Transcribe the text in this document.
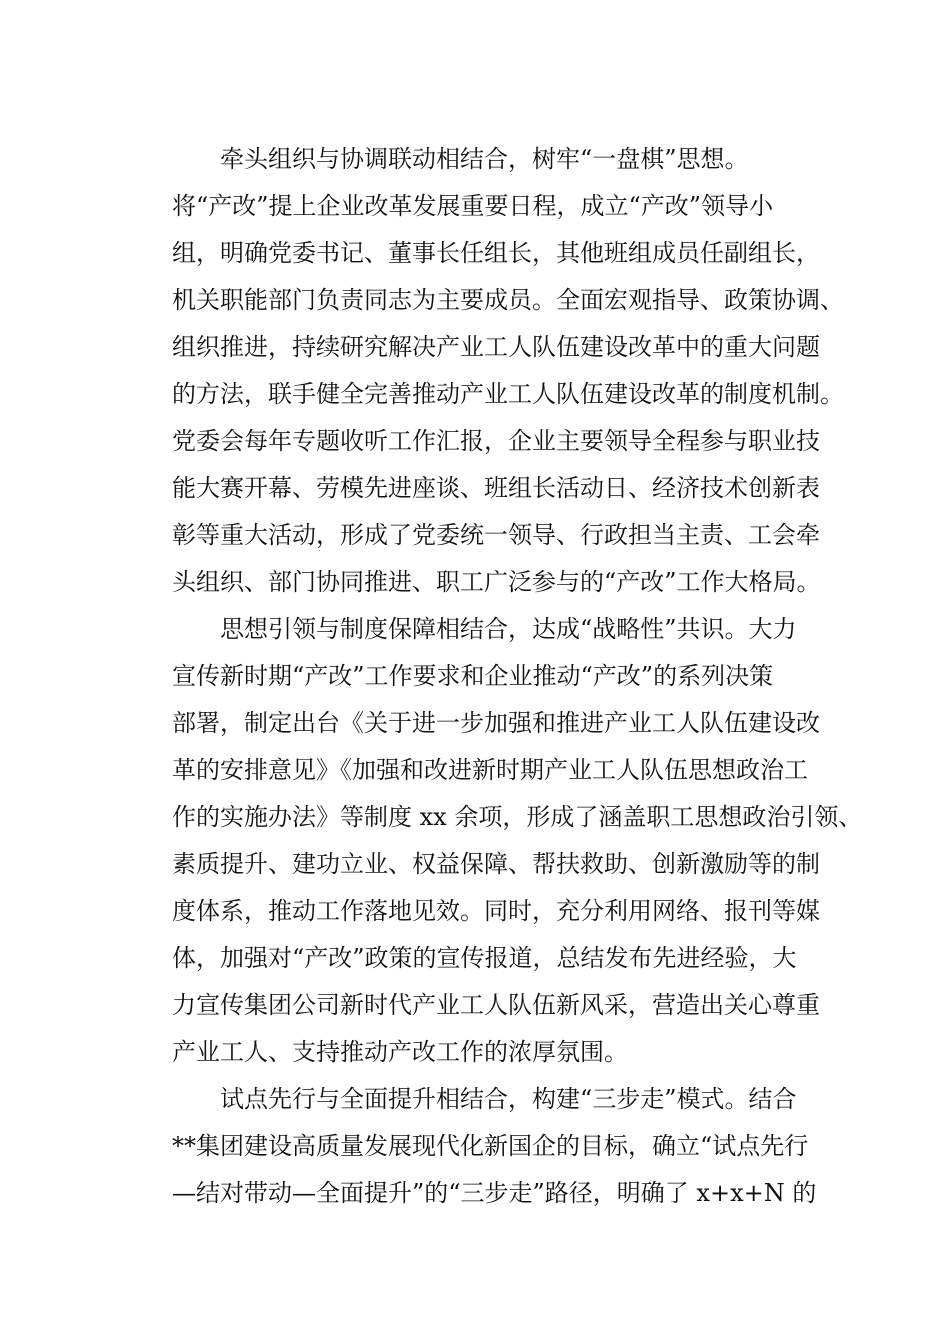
牵头组织与协调联动相结合，树牢“一盘棋”思想。
将“产改”提上企业改革发展重要日程，成立“产改”领导小
组，明确党委书记、董事长任组长，其他班组成员任副组长，
机关职能部门负责同志为主要成员。全面宏观指导、政策协调、
组织推进，持续研究解决产业工人队伍建设改革中的重大问题
的方法，联手健全完善推动产业工人队伍建设改革的制度机制。
党委会每年专题收听工作汇报，企业主要领导全程参与职业技
能大赛开幕、劳模先进座谈、班组长活动日、经济技术创新表
彰等重大活动，形成了党委统一领导、行政担当主责、工会牵
头组织、部门协同推进、职工广泛参与的“产改”工作大格局。
思想引领与制度保障相结合，达成“战略性”共识。大力
宣传新时期“产改”工作要求和企业推动“产改”的系列决策
部署，制定出台《关于进一步加强和推进产业工人队伍建设改
革的安排意见》《加强和改进新时期产业工人队伍思想政治工
作的实施办法》等制度 xx 余项，形成了涵盖职工思想政治引领、
素质提升、建功立业、权益保障、帮扶救助、创新激励等的制
度体系，推动工作落地见效。同时，充分利用网络、报刊等媒
体，加强对“产改”政策的宣传报道，总结发布先进经验，大
力宣传集团公司新时代产业工人队伍新风采，营造出关心尊重
产业工人、支持推动产改工作的浓厚氛围。
试点先行与全面提升相结合，构建“三步走”模式。结合
**集团建设高质量发展现代化新国企的目标，确立“试点先行
—结对带动—全面提升”的“三步走”路径，明确了 x+x+N 的
